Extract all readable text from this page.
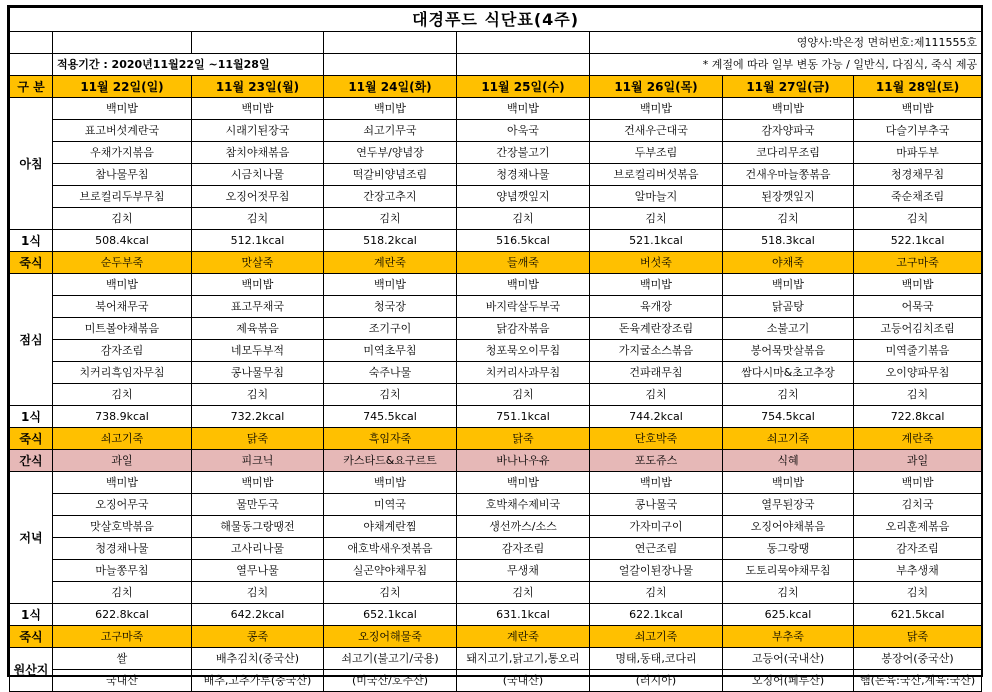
대경푸드 식단표(4주)							
					영양사:박은정 면허번호:제111555호		
	적용기간 : 2020년11월22일 ~11월28일				* 계절에 따라 일부 변동 가능 / 일반식, 다짐식, 죽식 제공		
구 분	11월 22일(일)	11월 23일(월)	11월 24일(화)	11월 25일(수)	11월 26일(목)	11월 27일(금)	11월 28일(토)
아침	백미밥	백미밥	백미밥	백미밥	백미밥	백미밥	백미밥
	표고버섯계란국	시래기된장국	쇠고기무국	아욱국	건새우근대국	감자양파국	다슬기부추국
	우채가지볶음	참치야채볶음	연두부/양념장	간장불고기	두부조림	코다리무조림	마파두부
	참나물무침	시금치나물	떡갈비양념조림	청경채나물	브로컬리버섯볶음	건새우마늘쫑볶음	청경채무침
	브로컬리두부무침	오징어젓무침	간장고추지	양념깻잎지	알마늘지	된장깻잎지	죽순채조림
	김치	김치	김치	김치	김치	김치	김치
1식	508.4kcal	512.1kcal	518.2kcal	516.5kcal	521.1kcal	518.3kcal	522.1kcal
죽식	순두부죽	맛살죽	계란죽	들깨죽	버섯죽	야채죽	고구마죽
점심	백미밥	백미밥	백미밥	백미밥	백미밥	백미밥	백미밥
	북어채무국	표고무채국	청국장	바지락살두부국	육개장	닭곰탕	어묵국
	미트볼야채볶음	제육볶음	조기구이	닭감자볶음	돈육계란장조림	소불고기	고등어김치조림
	감자조림	네모두부적	미역초무침	청포묵오이무침	가지굴소스볶음	봉어묵맛살볶음	미역줄기볶음
	치커리흑임자무침	콩나물무침	숙주나물	치커리사과무침	건파래무침	쌈다시마&초고추장	오이양파무침
	김치	김치	김치	김치	김치	김치	김치
1식	738.9kcal	732.2kcal	745.5kcal	751.1kcal	744.2kcal	754.5kcal	722.8kcal
죽식	쇠고기죽	닭죽	흑임자죽	닭죽	단호박죽	쇠고기죽	계란죽
간식	과일	피크닉	카스타드&요구르트	바나나우유	포도쥬스	식혜	과일
저녁	백미밥	백미밥	백미밥	백미밥	백미밥	백미밥	백미밥
	오징어무국	물만두국	미역국	호박채수제비국	콩나물국	열무된장국	김치국
	맛살호박볶음	해물동그랑땡전	야채계란찜	생선까스/소스	가자미구이	오징어야채볶음	오리훈제볶음
	청경채나물	고사리나물	애호박새우젓볶음	감자조림	연근조림	동그랑땡	감자조림
	마늘쫑무침	열무나물	실곤약야채무침	무생채	얼갈이된장나물	도토리묵야채무침	부추생채
	김치	김치	김치	김치	김치	김치	김치
1식	622.8kcal	642.2kcal	652.1kcal	631.1kcal	622.1kcal	625.kcal	621.5kcal
죽식	고구마죽	콩죽	오징어해물죽	계란죽	쇠고기죽	부추죽	닭죽
원산지	쌀	배추김치(중국산)	쇠고기(불고기/국용)	돼지고기,닭고기,통오리	명태,동태,코다리	고등어(국내산)	봉장어(중국산)
	국내산	배추,고추가루(중국산)	(미국산/호주산)	(국내산)	(러시아)	오징어(페루산)	햄(돈육:국산,계육:국산)
